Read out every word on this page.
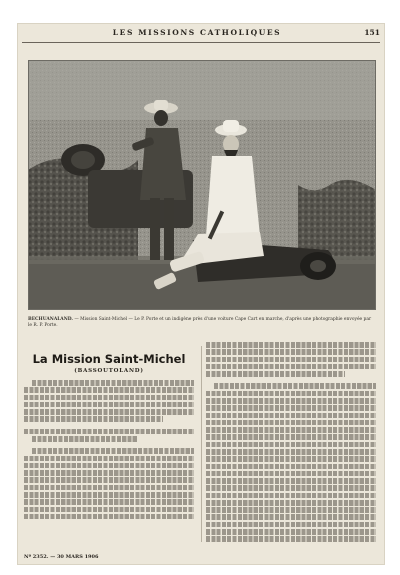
LES MISSIONS CATHOLIQUES	151
BECHUANALAND. — Mission Saint-Michel — Le P. Porte et un indigène près d'une voiture Cape Cart en marche, d'après une photographie envoyée par le R. P. Porte.
La Mission Saint-Michel
(BASSOUTOLAND)
Nº 2352. — 30 MARS 1906
